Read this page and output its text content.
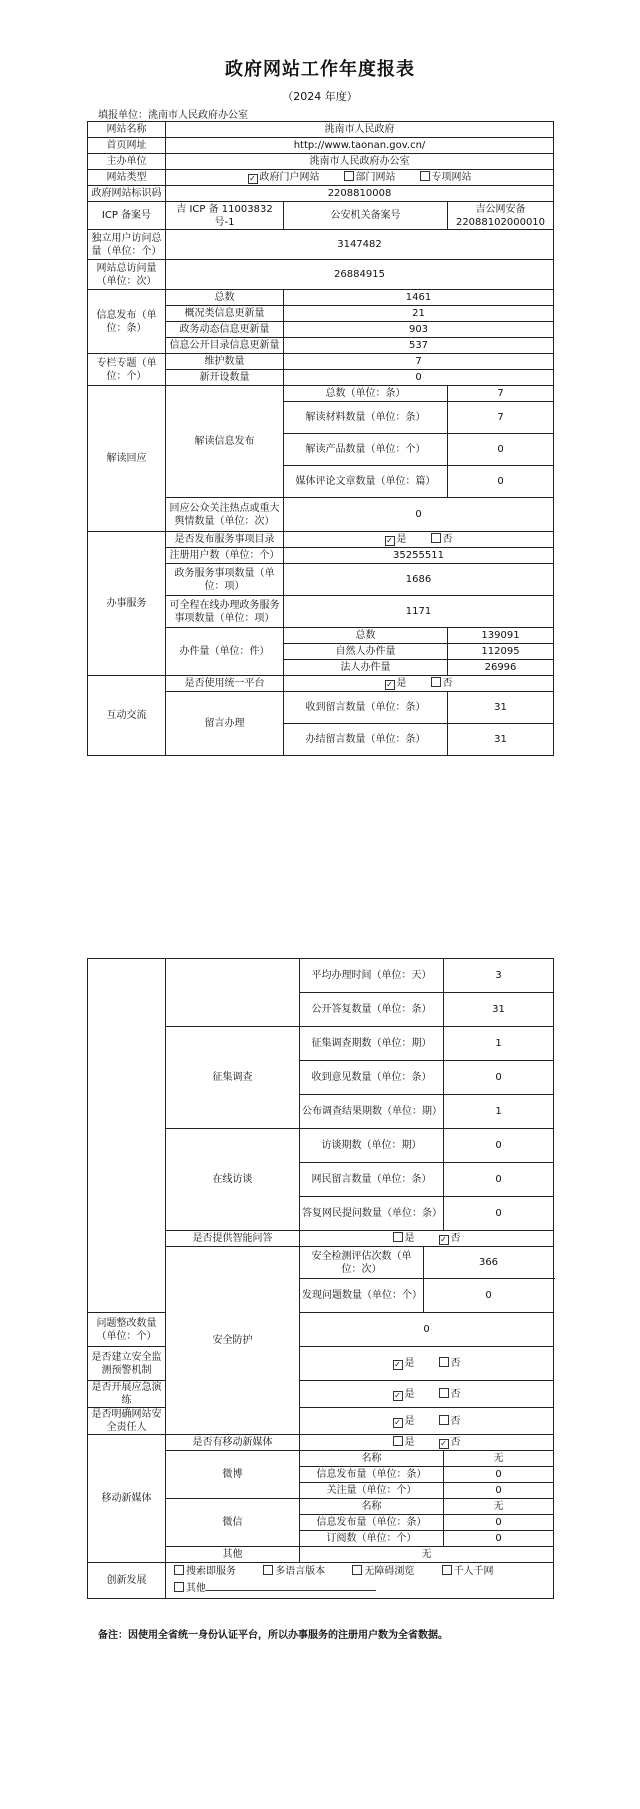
政府网站工作年度报表
（2024 年度）
填报单位：洮南市人民政府办公室
网站名称	洮南市人民政府		
首页网址	http://www.taonan.gov.cn/		
主办单位	洮南市人民政府办公室		
网站类型	✓ 政府门户网站 部门网站 专项网站		
政府网站标识码	2208810008		
ICP 备案号	吉 ICP 备 11003832 号-1	公安机关备案号	吉公网安备
22088102000010
独立用户访问总量（单位：个）	3147482		
网站总访问量（单位：次）	26884915		
信息发布（单位：条）	总数	1461	
	概况类信息更新量	21	
	政务动态信息更新量	903	
	信息公开目录信息更新量	537	
专栏专题（单位：个）	维护数量	7	
	新开设数量	0	
解读回应	解读信息发布	总数（单位：条）	7
		解读材料数量（单位：条）	7
		解读产品数量（单位：个）	0
		媒体评论文章数量（单位：篇）	0
	回应公众关注热点或重大舆情数量（单位：次）	0	
办事服务	是否发布服务事项目录	✓ 是 否	
	注册用户数（单位：个）	35255511	
	政务服务事项数量（单位：项）	1686	
	可全程在线办理政务服务事项数量（单位：项）	1171	
	办件量（单位：件）	总数	139091
		自然人办件量	112095
		法人办件量	26996
互动交流	是否使用统一平台	✓ 是 否	
	留言办理	收到留言数量（单位：条）	31
		办结留言数量（单位：条）	31
		平均办理时间（单位：天）		3
		公开答复数量（单位：条）		31
	征集调查	征集调查期数（单位：期）		1
		收到意见数量（单位：条）		0
		公布调查结果期数（单位：期）		1
	在线访谈	访谈期数（单位：期）		0
		网民留言数量（单位：条）		0
		答复网民提问数量（单位：条）		0
	是否提供智能问答	是 ✓ 否		
	安全防护	安全检测评估次数（单位：次）	366	
		发现问题数量（单位：个）	0	
问题整改数量（单位：个）		0		
是否建立安全监测预警机制		✓ 是 否		
是否开展应急演练		✓ 是 否		
是否明确网站安全责任人		✓ 是 否		
移动新媒体	是否有移动新媒体	是 ✓ 否		
	微博	名称		无
		信息发布量（单位：条）		0
		关注量（单位：个）		0
	微信	名称		无
		信息发布量（单位：条）		0
		订阅数（单位：个）		0
	其他	无		
创新发展	搜索即服务 多语言版本 无障碍浏览 千人千网
其他			
备注：因使用全省统一身份认证平台，所以办事服务的注册用户数为全省数据。
